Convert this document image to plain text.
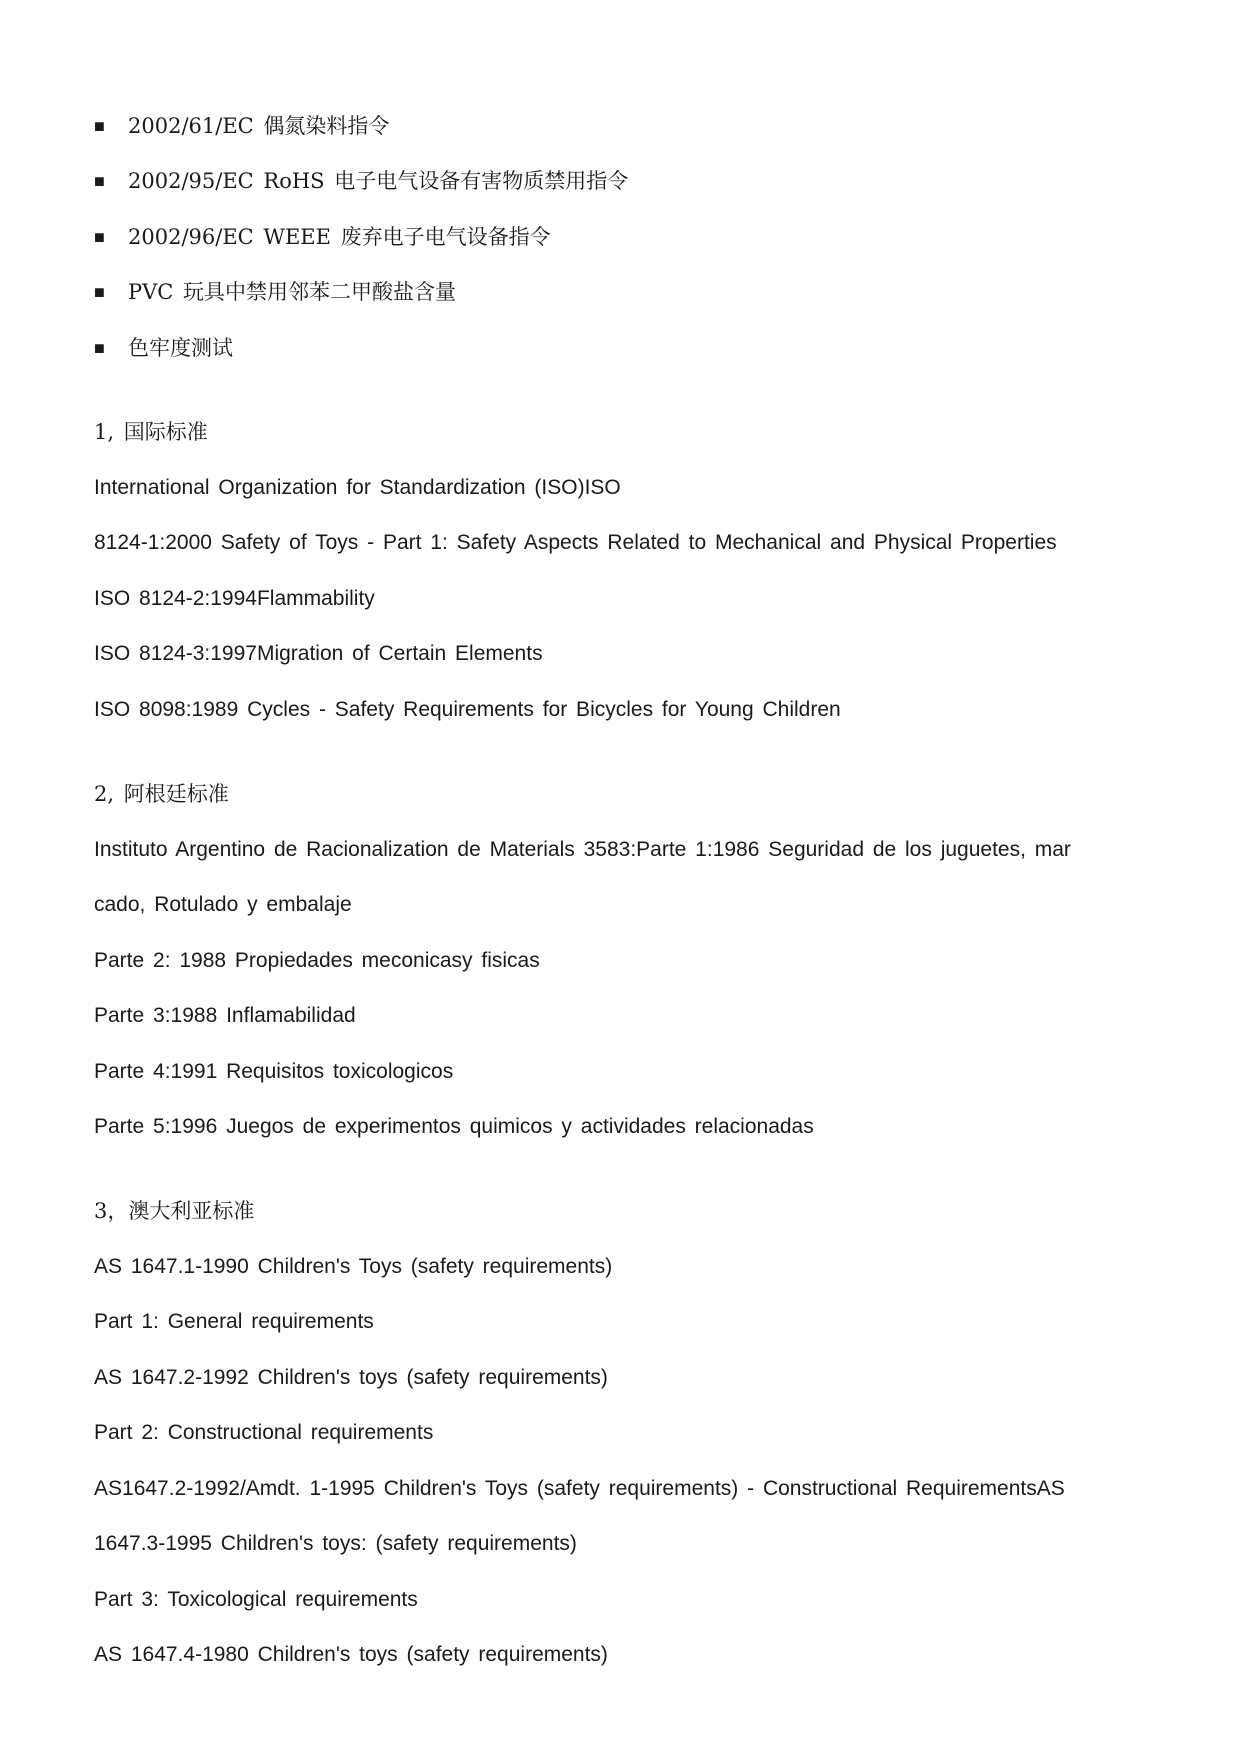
■ 2002/61/EC 偶氮染料指令
■ 2002/95/EC RoHS 电子电气设备有害物质禁用指令
■ 2002/96/EC WEEE 废弃电子电气设备指令
■ PVC 玩具中禁用邻苯二甲酸盐含量
■ 色牢度测试
1, 国际标准
International Organization for Standardization (ISO)ISO
8124-1:2000 Safety of Toys - Part 1: Safety Aspects Related to Mechanical and Physical Properties
ISO 8124-2:1994Flammability
ISO 8124-3:1997Migration of Certain Elements
ISO 8098:1989 Cycles - Safety Requirements for Bicycles for Young Children
2, 阿根廷标准
Instituto Argentino de Racionalization de Materials 3583:Parte 1:1986 Seguridad de los juguetes, mar
cado, Rotulado y embalaje
Parte 2: 1988 Propiedades meconicasy fisicas
Parte 3:1988 Inflamabilidad
Parte 4:1991 Requisitos toxicologicos
Parte 5:1996 Juegos de experimentos quimicos y actividades relacionadas
3，澳大利亚标准
AS 1647.1-1990 Children's Toys (safety requirements)
Part 1: General requirements
AS 1647.2-1992 Children's toys (safety requirements)
Part 2: Constructional requirements
AS1647.2-1992/Amdt. 1-1995 Children's Toys (safety requirements) - Constructional RequirementsAS
1647.3-1995 Children's toys: (safety requirements)
Part 3: Toxicological requirements
AS 1647.4-1980 Children's toys (safety requirements)
